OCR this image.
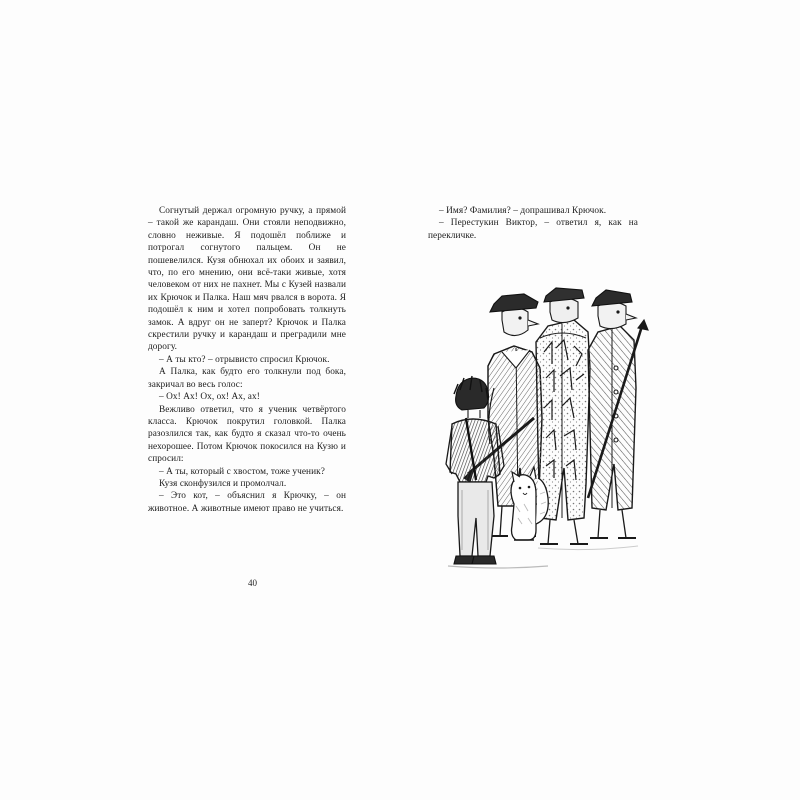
Согнутый держал огромную ручку, а прямой – такой же карандаш. Они стояли неподвижно, словно неживые. Я подошёл поближе и потрогал согнутого пальцем. Он не пошевелился. Кузя обнюхал их обоих и заявил, что, по его мнению, они всё-таки живые, хотя человеком от них не пахнет. Мы с Кузей назвали их Крючок и Палка. Наш мяч рвался в ворота. Я подошёл к ним и хотел попробовать толкнуть замок. А вдруг он не заперт? Крючок и Палка скрестили ручку и карандаш и преградили мне дорогу.

– А ты кто? – отрывисто спросил Крючок.

А Палка, как будто его толкнули под бока, закричал во весь голос:

– Ох! Ах! Ох, ох! Ах, ах!

Вежливо ответил, что я ученик четвёртого класса. Крючок покрутил головкой. Палка разозлился так, как будто я сказал что-то очень нехорошее. Потом Крючок покосился на Кузю и спросил:

– А ты, который с хвостом, тоже ученик?

Кузя сконфузился и промолчал.

– Это кот, – объяснил я Крючку, – он животное. А животные имеют право не учиться.

40

– Имя? Фамилия? – допрашивал Крючок.

– Перестукин Виктор, – ответил я, как на перекличке.
